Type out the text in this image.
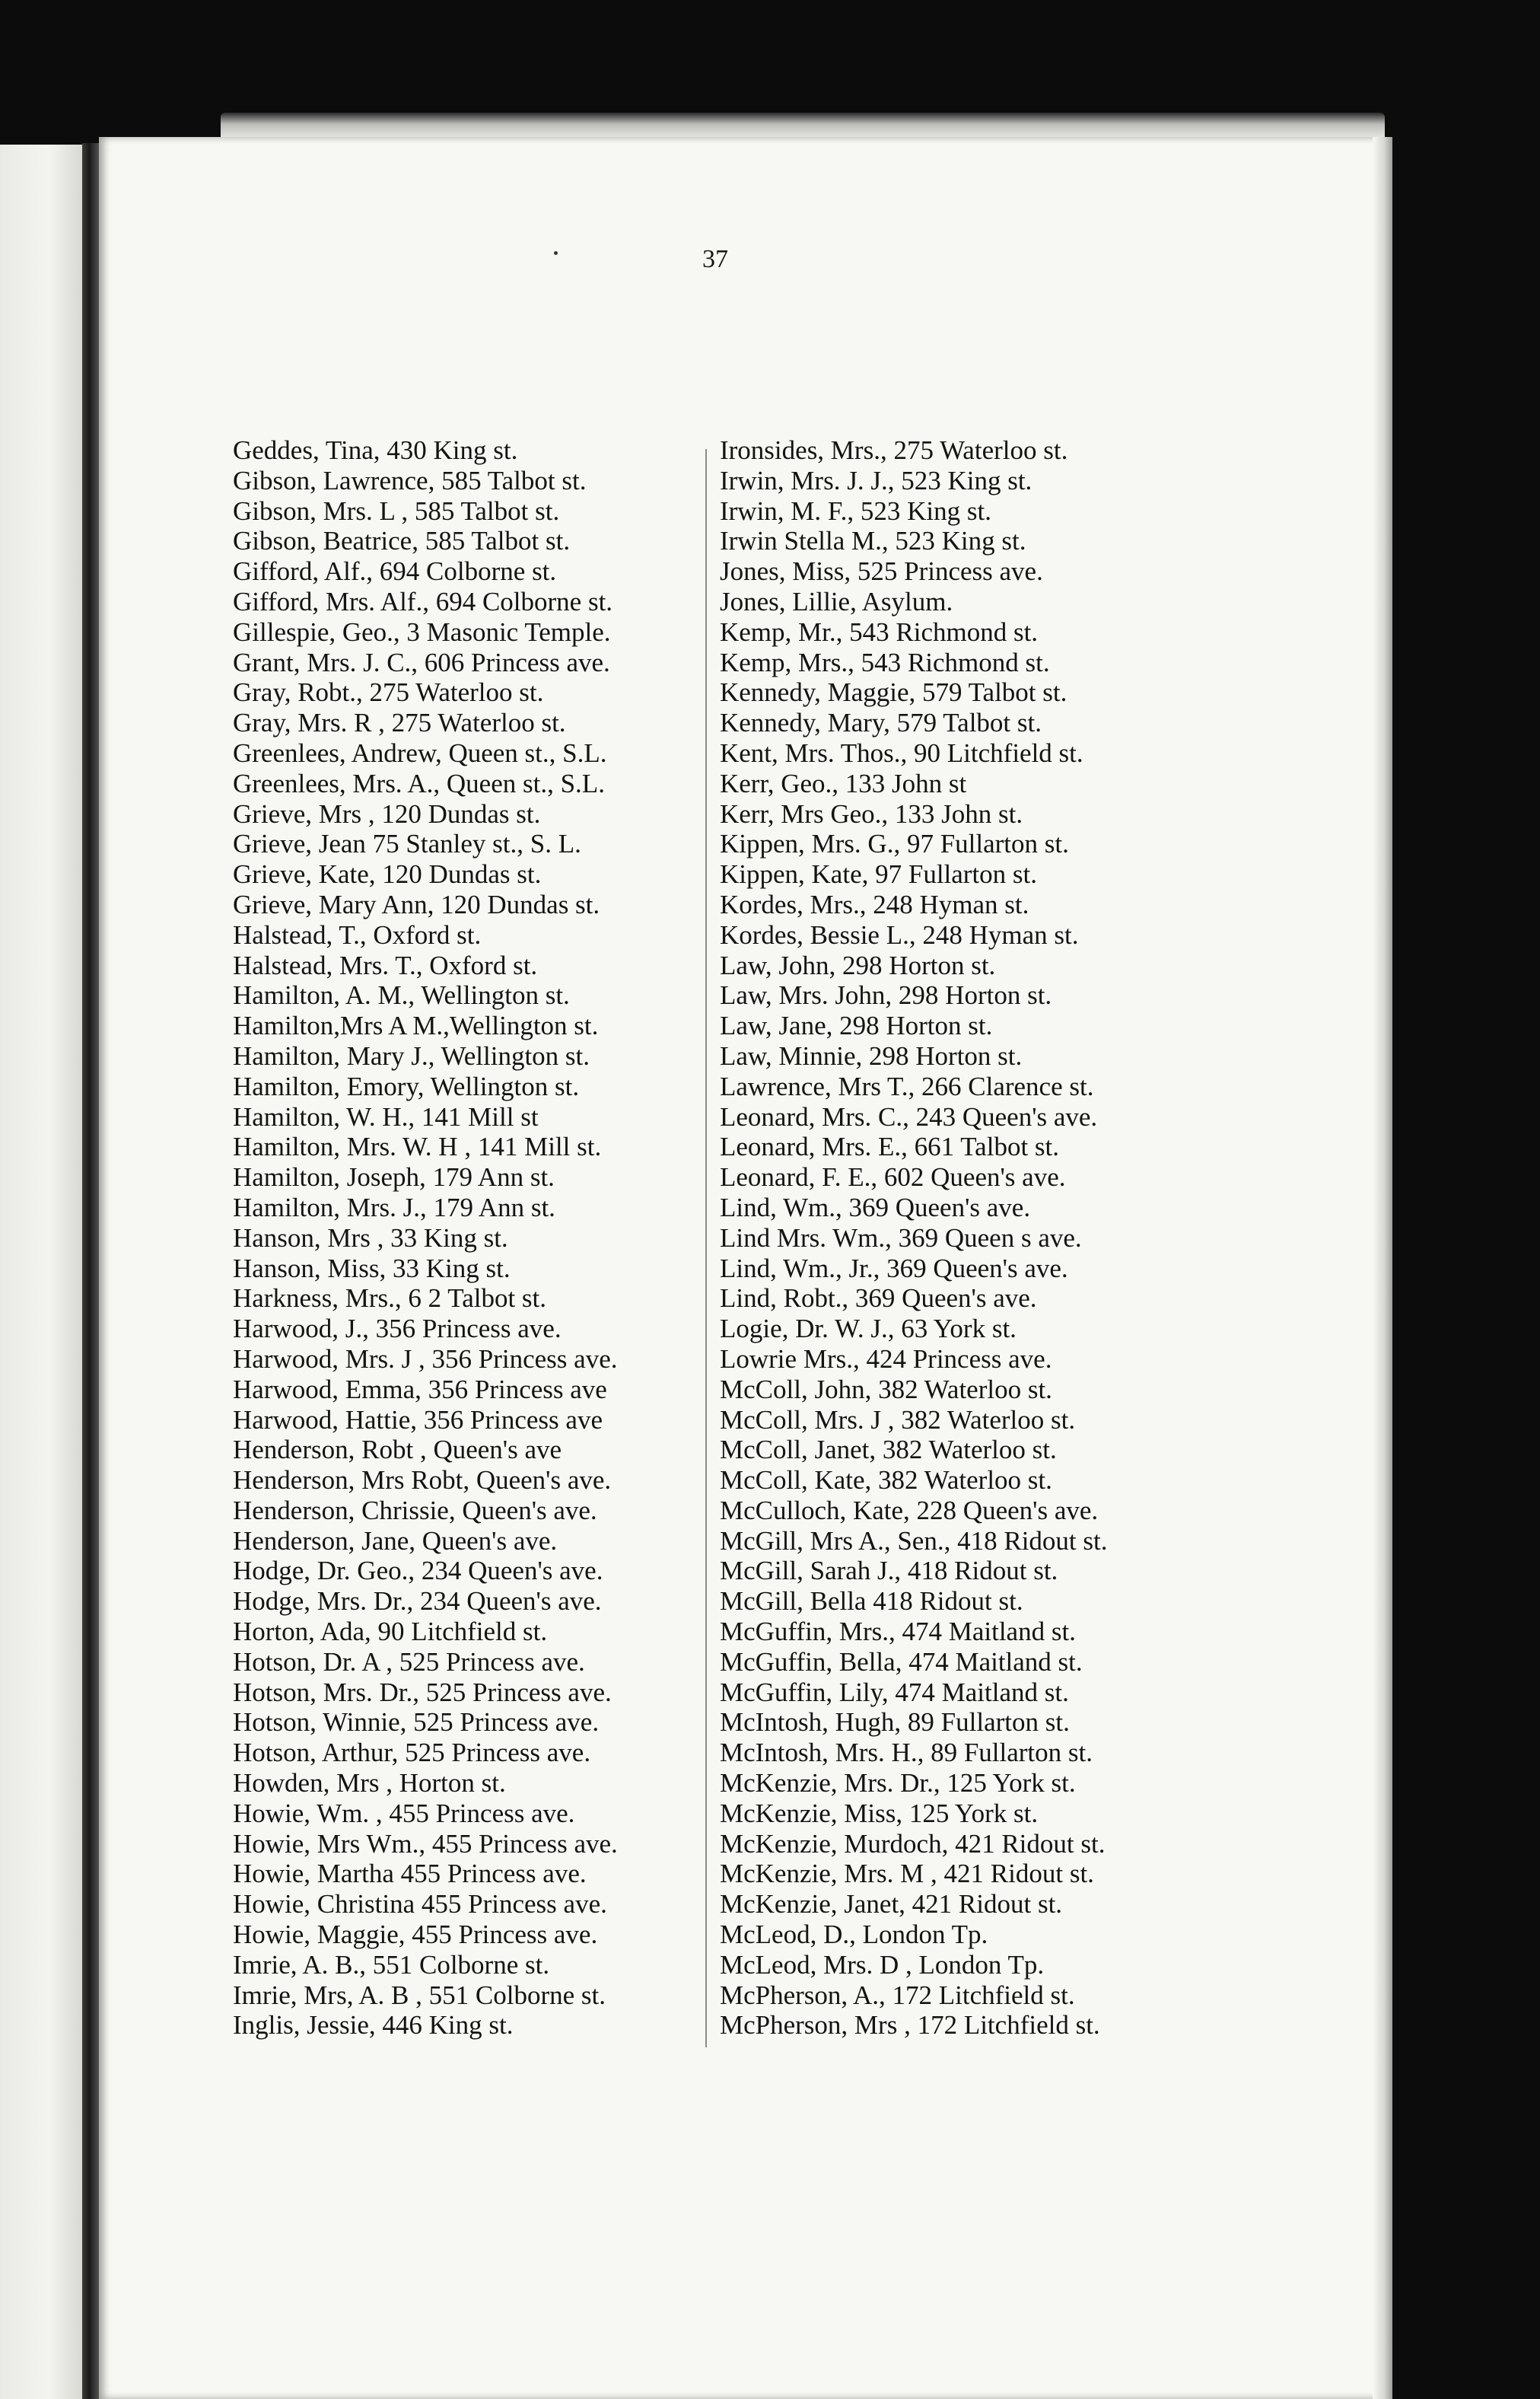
37
Geddes, Tina, 430 King st.
Gibson, Lawrence, 585 Talbot st.
Gibson, Mrs. L , 585 Talbot st.
Gibson, Beatrice, 585 Talbot st.
Gifford, Alf., 694 Colborne st.
Gifford, Mrs. Alf., 694 Colborne st.
Gillespie, Geo., 3 Masonic Temple.
Grant, Mrs. J. C., 606 Princess ave.
Gray, Robt., 275 Waterloo st.
Gray, Mrs. R , 275 Waterloo st.
Greenlees, Andrew, Queen st., S.L.
Greenlees, Mrs. A., Queen st., S.L.
Grieve, Mrs , 120 Dundas st.
Grieve, Jean 75 Stanley st., S. L.
Grieve, Kate, 120 Dundas st.
Grieve, Mary Ann, 120 Dundas st.
Halstead, T., Oxford st.
Halstead, Mrs. T., Oxford st.
Hamilton, A. M., Wellington st.
Hamilton,Mrs A M.,Wellington st.
Hamilton, Mary J., Wellington st.
Hamilton, Emory, Wellington st.
Hamilton, W. H., 141 Mill st
Hamilton, Mrs. W. H , 141 Mill st.
Hamilton, Joseph, 179 Ann st.
Hamilton, Mrs. J., 179 Ann st.
Hanson, Mrs , 33 King st.
Hanson, Miss, 33 King st.
Harkness, Mrs., 6 2 Talbot st.
Harwood, J., 356 Princess ave.
Harwood, Mrs. J , 356 Princess ave.
Harwood, Emma, 356 Princess ave
Harwood, Hattie, 356 Princess ave
Henderson, Robt , Queen's ave
Henderson, Mrs Robt, Queen's ave.
Henderson, Chrissie, Queen's ave.
Henderson, Jane, Queen's ave.
Hodge, Dr. Geo., 234 Queen's ave.
Hodge, Mrs. Dr., 234 Queen's ave.
Horton, Ada, 90 Litchfield st.
Hotson, Dr. A , 525 Princess ave.
Hotson, Mrs. Dr., 525 Princess ave.
Hotson, Winnie, 525 Princess ave.
Hotson, Arthur, 525 Princess ave.
Howden, Mrs , Horton st.
Howie, Wm. , 455 Princess ave.
Howie, Mrs Wm., 455 Princess ave.
Howie, Martha 455 Princess ave.
Howie, Christina 455 Princess ave.
Howie, Maggie, 455 Princess ave.
Imrie, A. B., 551 Colborne st.
Imrie, Mrs, A. B , 551 Colborne st.
Inglis, Jessie, 446 King st.
Ironsides, Mrs., 275 Waterloo st.
Irwin, Mrs. J. J., 523 King st.
Irwin, M. F., 523 King st.
Irwin Stella M., 523 King st.
Jones, Miss, 525 Princess ave.
Jones, Lillie, Asylum.
Kemp, Mr., 543 Richmond st.
Kemp, Mrs., 543 Richmond st.
Kennedy, Maggie, 579 Talbot st.
Kennedy, Mary, 579 Talbot st.
Kent, Mrs. Thos., 90 Litchfield st.
Kerr, Geo., 133 John st
Kerr, Mrs Geo., 133 John st.
Kippen, Mrs. G., 97 Fullarton st.
Kippen, Kate, 97 Fullarton st.
Kordes, Mrs., 248 Hyman st.
Kordes, Bessie L., 248 Hyman st.
Law, John, 298 Horton st.
Law, Mrs. John, 298 Horton st.
Law, Jane, 298 Horton st.
Law, Minnie, 298 Horton st.
Lawrence, Mrs T., 266 Clarence st.
Leonard, Mrs. C., 243 Queen's ave.
Leonard, Mrs. E., 661 Talbot st.
Leonard, F. E., 602 Queen's ave.
Lind, Wm., 369 Queen's ave.
Lind Mrs. Wm., 369 Queen s ave.
Lind, Wm., Jr., 369 Queen's ave.
Lind, Robt., 369 Queen's ave.
Logie, Dr. W. J., 63 York st.
Lowrie Mrs., 424 Princess ave.
McColl, John, 382 Waterloo st.
McColl, Mrs. J , 382 Waterloo st.
McColl, Janet, 382 Waterloo st.
McColl, Kate, 382 Waterloo st.
McCulloch, Kate, 228 Queen's ave.
McGill, Mrs A., Sen., 418 Ridout st.
McGill, Sarah J., 418 Ridout st.
McGill, Bella 418 Ridout st.
McGuffin, Mrs., 474 Maitland st.
McGuffin, Bella, 474 Maitland st.
McGuffin, Lily, 474 Maitland st.
McIntosh, Hugh, 89 Fullarton st.
McIntosh, Mrs. H., 89 Fullarton st.
McKenzie, Mrs. Dr., 125 York st.
McKenzie, Miss, 125 York st.
McKenzie, Murdoch, 421 Ridout st.
McKenzie, Mrs. M , 421 Ridout st.
McKenzie, Janet, 421 Ridout st.
McLeod, D., London Tp.
McLeod, Mrs. D , London Tp.
McPherson, A., 172 Litchfield st.
McPherson, Mrs , 172 Litchfield st.
